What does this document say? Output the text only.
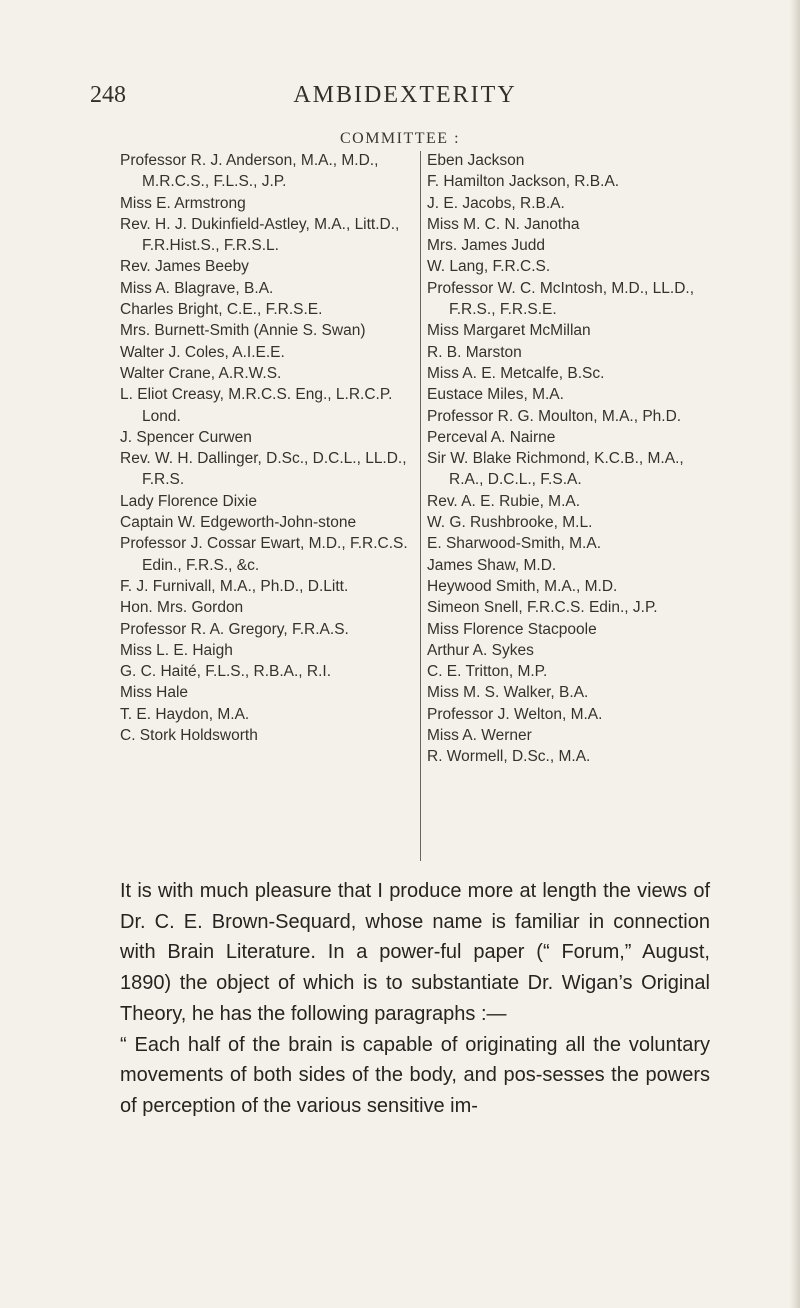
248	AMBIDEXTERITY
COMMITTEE :

Professor R. J. Anderson, M.A., M.D., M.R.C.S., F.L.S., J.P.

Miss E. Armstrong

Rev. H. J. Dukinfield-Astley, M.A., Litt.D., F.R.Hist.S., F.R.S.L.

Rev. James Beeby

Miss A. Blagrave, B.A.

Charles Bright, C.E., F.R.S.E.

Mrs. Burnett-Smith (Annie S. Swan)

Walter J. Coles, A.I.E.E.

Walter Crane, A.R.W.S.

L. Eliot Creasy, M.R.C.S. Eng., L.R.C.P. Lond.

J. Spencer Curwen

Rev. W. H. Dallinger, D.Sc., D.C.L., LL.D., F.R.S.

Lady Florence Dixie

Captain W. Edgeworth-John-stone

Professor J. Cossar Ewart, M.D., F.R.C.S. Edin., F.R.S., &c.

F. J. Furnivall, M.A., Ph.D., D.Litt.

Hon. Mrs. Gordon

Professor R. A. Gregory, F.R.A.S.

Miss L. E. Haigh

G. C. Haité, F.L.S., R.B.A., R.I.

Miss Hale

T. E. Haydon, M.A.

C. Stork Holdsworth

Eben Jackson

F. Hamilton Jackson, R.B.A.

J. E. Jacobs, R.B.A.

Miss M. C. N. Janotha

Mrs. James Judd

W. Lang, F.R.C.S.

Professor W. C. McIntosh, M.D., LL.D., F.R.S., F.R.S.E.

Miss Margaret McMillan

R. B. Marston

Miss A. E. Metcalfe, B.Sc.

Eustace Miles, M.A.

Professor R. G. Moulton, M.A., Ph.D.

Perceval A. Nairne

Sir W. Blake Richmond, K.C.B., M.A., R.A., D.C.L., F.S.A.

Rev. A. E. Rubie, M.A.

W. G. Rushbrooke, M.L.

E. Sharwood-Smith, M.A.

James Shaw, M.D.

Heywood Smith, M.A., M.D.

Simeon Snell, F.R.C.S. Edin., J.P.

Miss Florence Stacpoole

Arthur A. Sykes

C. E. Tritton, M.P.

Miss M. S. Walker, B.A.

Professor J. Welton, M.A.

Miss A. Werner

R. Wormell, D.Sc., M.A.

It is with much pleasure that I produce more at length the views of Dr. C. E. Brown-Sequard, whose name is familiar in connection with Brain Literature. In a power-ful paper (“ Forum,” August, 1890) the object of which is to substantiate Dr. Wigan’s Original Theory, he has the following paragraphs :—

“ Each half of the brain is capable of originating all the voluntary movements of both sides of the body, and pos-sesses the powers of perception of the various sensitive im-
